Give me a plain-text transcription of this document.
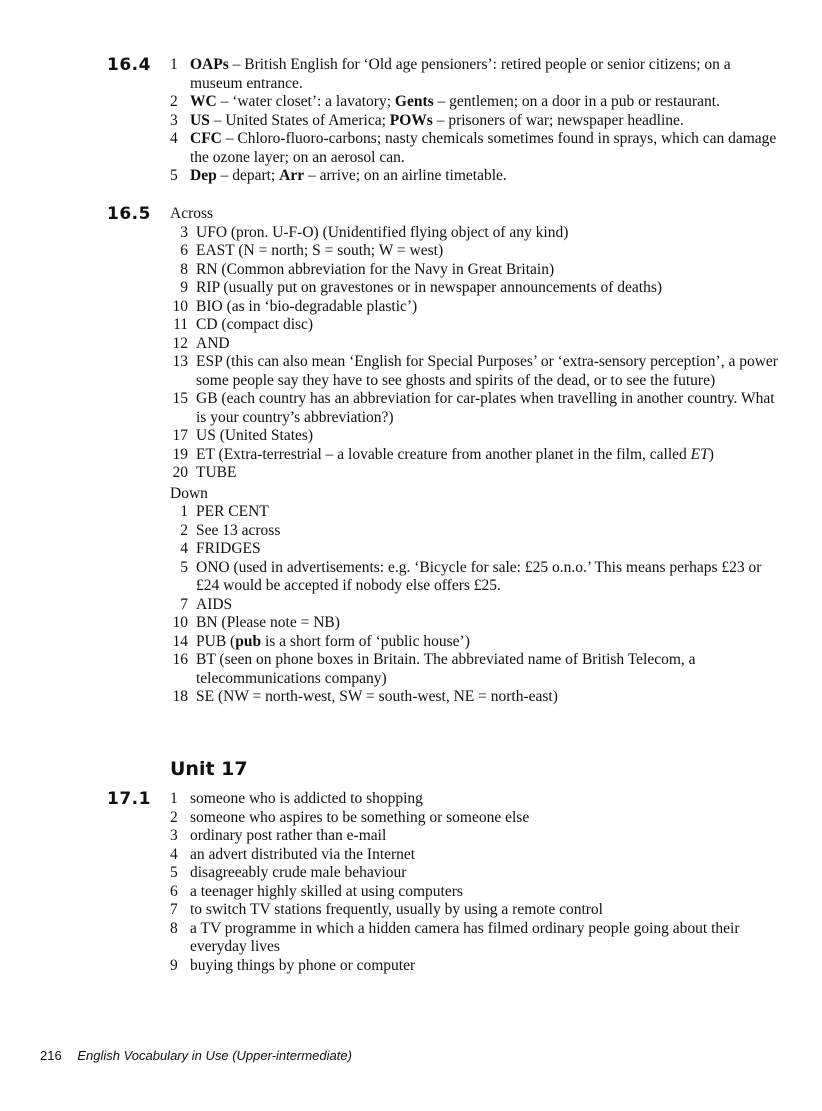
16.4 1 OAPs – British English for ‘Old age pensioners’: retired people or senior citizens; on a museum entrance.
2 WC – ‘water closet’: a lavatory; Gents – gentlemen; on a door in a pub or restaurant.
3 US – United States of America; POWs – prisoners of war; newspaper headline.
4 CFC – Chloro-fluoro-carbons; nasty chemicals sometimes found in sprays, which can damage the ozone layer; on an aerosol can.
5 Dep – depart; Arr – arrive; on an airline timetable.
16.5 Across
3 UFO (pron. U-F-O) (Unidentified flying object of any kind)
6 EAST (N = north; S = south; W = west)
8 RN (Common abbreviation for the Navy in Great Britain)
9 RIP (usually put on gravestones or in newspaper announcements of deaths)
10 BIO (as in ‘bio-degradable plastic’)
11 CD (compact disc)
12 AND
13 ESP (this can also mean ‘English for Special Purposes’ or ‘extra-sensory perception’, a power some people say they have to see ghosts and spirits of the dead, or to see the future)
15 GB (each country has an abbreviation for car-plates when travelling in another country. What is your country’s abbreviation?)
17 US (United States)
19 ET (Extra-terrestrial – a lovable creature from another planet in the film, called ET)
20 TUBE
Down
1 PER CENT
2 See 13 across
4 FRIDGES
5 ONO (used in advertisements: e.g. ‘Bicycle for sale: £25 o.n.o.’ This means perhaps £23 or £24 would be accepted if nobody else offers £25.
7 AIDS
10 BN (Please note = NB)
14 PUB (pub is a short form of ‘public house’)
16 BT (seen on phone boxes in Britain. The abbreviated name of British Telecom, a telecommunications company)
18 SE (NW = north-west, SW = south-west, NE = north-east)
Unit 17
17.1 1 someone who is addicted to shopping
2 someone who aspires to be something or someone else
3 ordinary post rather than e-mail
4 an advert distributed via the Internet
5 disagreeably crude male behaviour
6 a teenager highly skilled at using computers
7 to switch TV stations frequently, usually by using a remote control
8 a TV programme in which a hidden camera has filmed ordinary people going about their everyday lives
9 buying things by phone or computer
216 English Vocabulary in Use (Upper-intermediate)
